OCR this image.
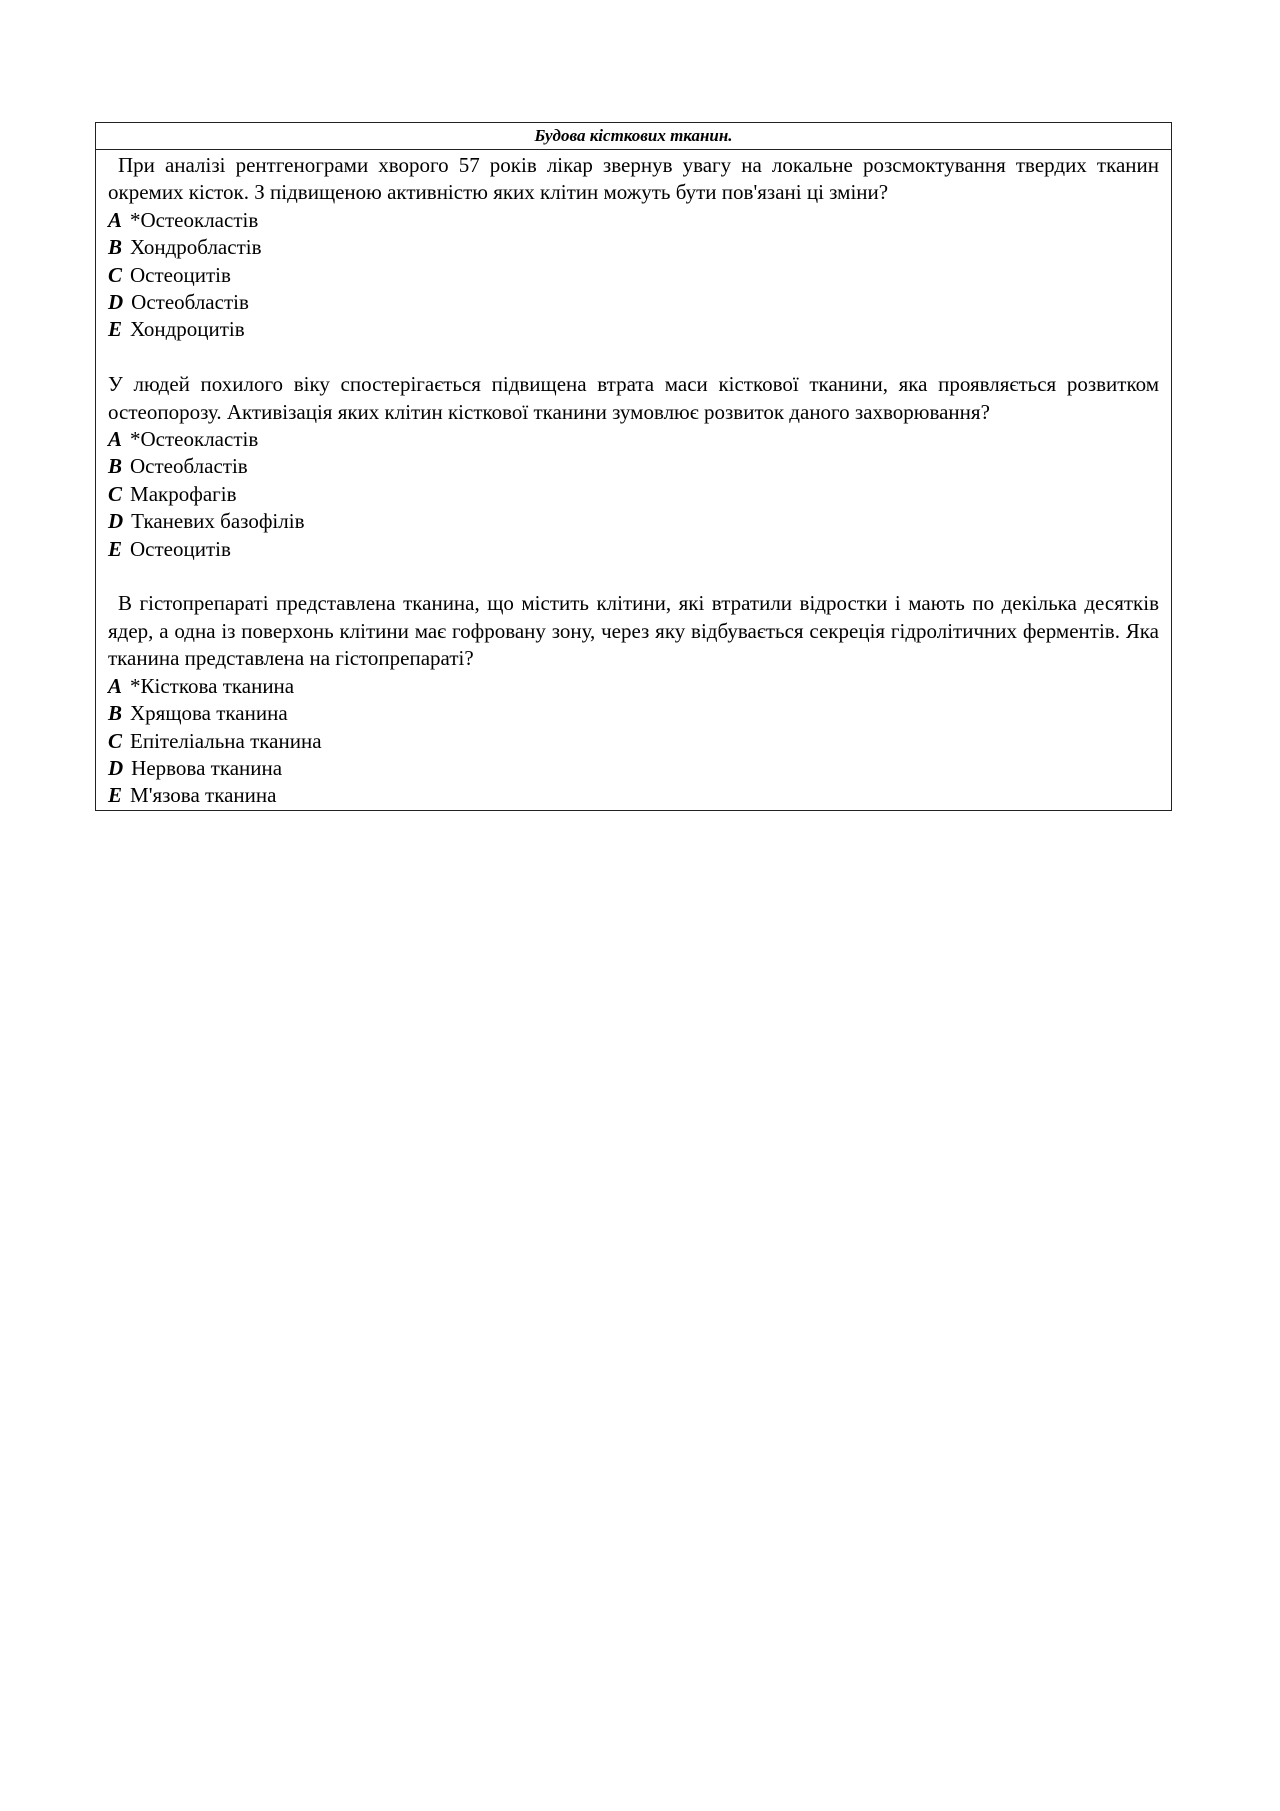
Будова кісткових тканин.

При аналізі рентгенограми хворого 57 років лікар звернув увагу на локальне розсмоктування твердих тканин окремих кісток. З підвищеною активністю яких клітин можуть бути пов'язані ці зміни?

A *Остеокластів

B Хондробластів

C Остеоцитів

D Остеобластів

E Хондроцитів

У людей похилого віку спостерігається підвищена втрата маси кісткової тканини, яка проявляється розвитком остеопорозу. Активізація яких клітин кісткової тканини зумовлює розвиток даного захворювання?

A *Остеокластів

B Остеобластів

C Макрофагів

D Тканевих базофілів

E Остеоцитів

В гістопрепараті представлена тканина, що містить клітини, які втратили відростки і мають по декілька десятків ядер, а одна із поверхонь клітини має гофровану зону, через яку відбувається секреція гідролітичних ферментів. Яка тканина представлена на гістопрепараті?

A *Кісткова тканина

B Хрящова тканина

C Епітеліальна тканина

D Нервова тканина

E М'язова тканина
